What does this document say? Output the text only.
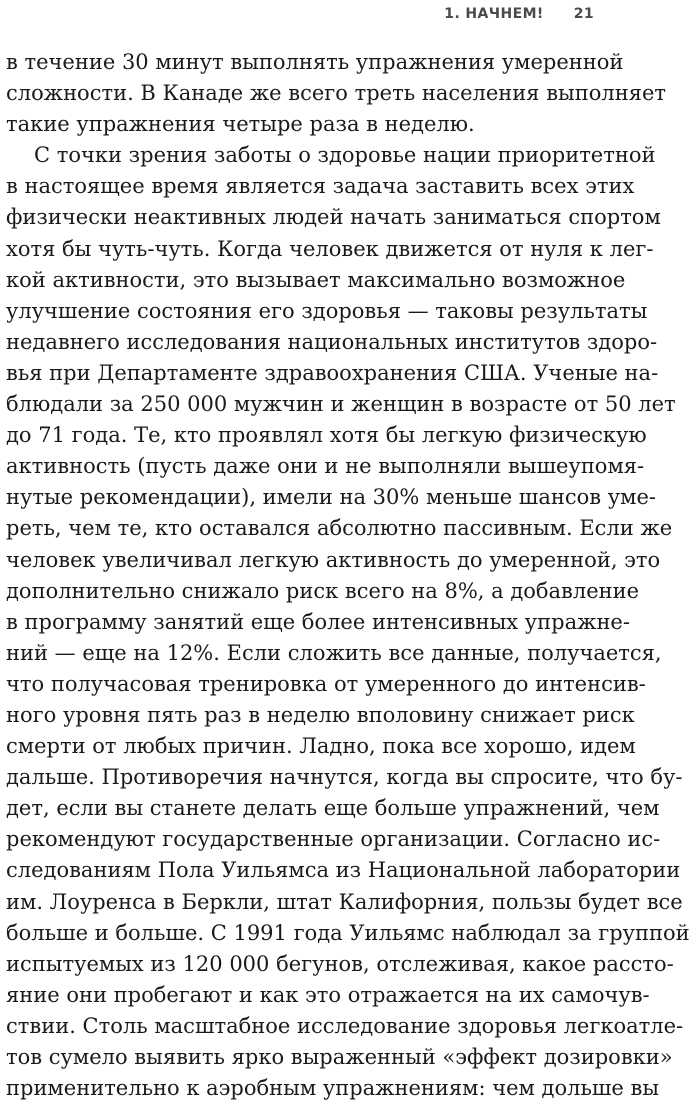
1. НАЧНЕМ! 21
в течение 30 минут выполнять упражнения умеренной
сложности. В Канаде же всего треть населения выполняет
такие упражнения четыре раза в неделю.
С точки зрения заботы о здоровье нации приоритетной
в настоящее время является задача заставить всех этих
физически неактивных людей начать заниматься спортом
хотя бы чуть-чуть. Когда человек движется от нуля к лег-
кой активности, это вызывает максимально возможное
улучшение состояния его здоровья — таковы результаты
недавнего исследования национальных институтов здоро-
вья при Департаменте здравоохранения США. Ученые на-
блюдали за 250 000 мужчин и женщин в возрасте от 50 лет
до 71 года. Те, кто проявлял хотя бы легкую физическую
активность (пусть даже они и не выполняли вышеупомя-
нутые рекомендации), имели на 30% меньше шансов уме-
реть, чем те, кто оставался абсолютно пассивным. Если же
человек увеличивал легкую активность до умеренной, это
дополнительно снижало риск всего на 8%, а добавление
в программу занятий еще более интенсивных упражне-
ний — еще на 12%. Если сложить все данные, получается,
что получасовая тренировка от умеренного до интенсив-
ного уровня пять раз в неделю вполовину снижает риск
смерти от любых причин. Ладно, пока все хорошо, идем
дальше. Противоречия начнутся, когда вы спросите, что бу-
дет, если вы станете делать еще больше упражнений, чем
рекомендуют государственные организации. Согласно ис-
следованиям Пола Уильямса из Национальной лаборатории
им. Лоуренса в Беркли, штат Калифорния, пользы будет все
больше и больше. С 1991 года Уильямс наблюдал за группой
испытуемых из 120 000 бегунов, отслеживая, какое рассто-
яние они пробегают и как это отражается на их самочув-
ствии. Столь масштабное исследование здоровья легкоатле-
тов сумело выявить ярко выраженный «эффект дозировки»
применительно к аэробным упражнениям: чем дольше вы
